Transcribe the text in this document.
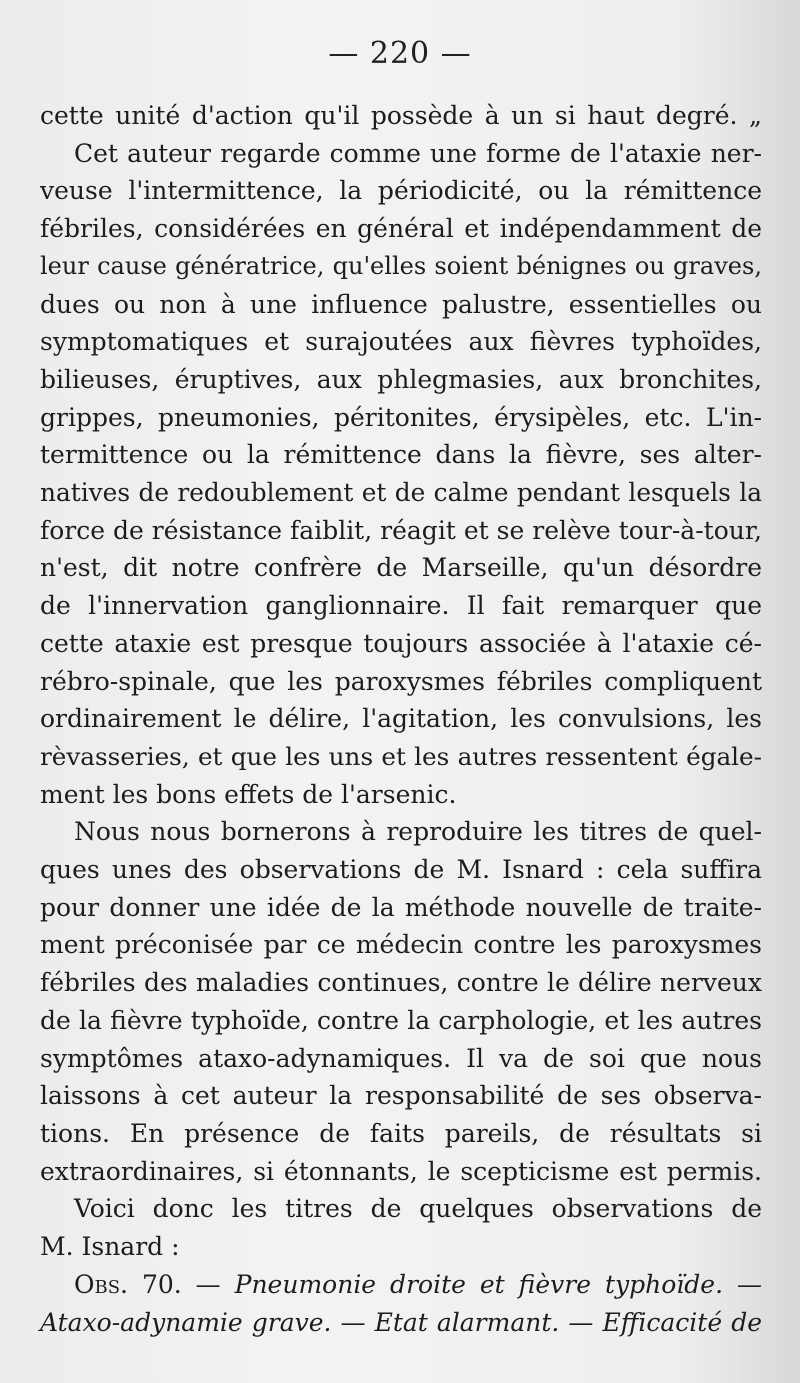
— 220 —
cette unité d'action qu'il possède à un si haut degré. „
Cet auteur regarde comme une forme de l'ataxie ner-
veuse l'intermittence, la périodicité, ou la rémittence
fébriles, considérées en général et indépendamment de
leur cause génératrice, qu'elles soient bénignes ou graves,
dues ou non à une influence palustre, essentielles ou
symptomatiques et surajoutées aux fièvres typhoïdes,
bilieuses, éruptives, aux phlegmasies, aux bronchites,
grippes, pneumonies, péritonites, érysipèles, etc. L'in-
termittence ou la rémittence dans la fièvre, ses alter-
natives de redoublement et de calme pendant lesquels la
force de résistance faiblit, réagit et se relève tour-à-tour,
n'est, dit notre confrère de Marseille, qu'un désordre
de l'innervation ganglionnaire. Il fait remarquer que
cette ataxie est presque toujours associée à l'ataxie cé-
rébro-spinale, que les paroxysmes fébriles compliquent
ordinairement le délire, l'agitation, les convulsions, les
rèvasseries, et que les uns et les autres ressentent égale-
ment les bons effets de l'arsenic.
Nous nous bornerons à reproduire les titres de quel-
ques unes des observations de M. Isnard : cela suffira
pour donner une idée de la méthode nouvelle de traite-
ment préconisée par ce médecin contre les paroxysmes
fébriles des maladies continues, contre le délire nerveux
de la fièvre typhoïde, contre la carphologie, et les autres
symptômes ataxo-adynamiques. Il va de soi que nous
laissons à cet auteur la responsabilité de ses observa-
tions. En présence de faits pareils, de résultats si
extraordinaires, si étonnants, le scepticisme est permis.
Voici donc les titres de quelques observations de
M. Isnard :
Obs. 70. — Pneumonie droite et fièvre typhoïde. —
Ataxo-adynamie grave. — Etat alarmant. — Efficacité de
